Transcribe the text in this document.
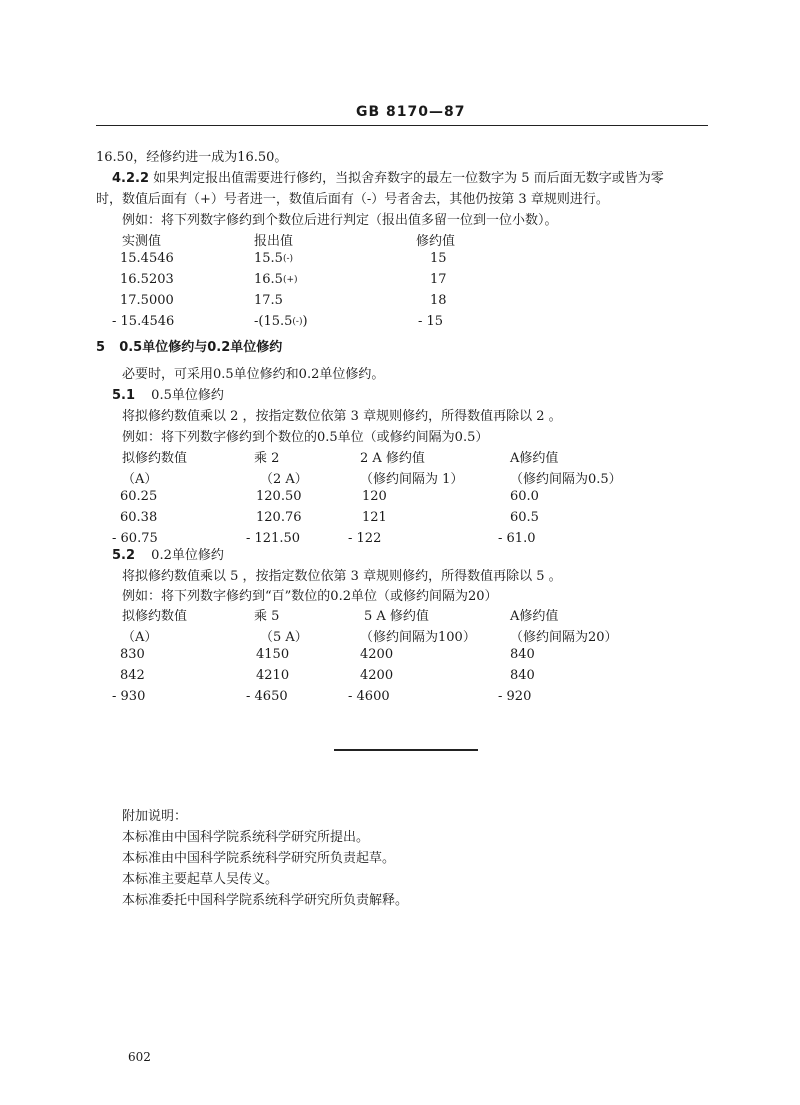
GB 8170—87
16.50，经修约进一成为16.50。
4.2.2 如果判定报出值需要进行修约，当拟舍弃数字的最左一位数字为 5 而后面无数字或皆为零
时，数值后面有（+）号者进一，数值后面有（-）号者舍去，其他仍按第 3 章规则进行。
例如：将下列数字修约到个数位后进行判定（报出值多留一位到一位小数）。
实测值	报出值	修约值
15.4546	15.5(-)	15
16.5203	16.5(+)	17
17.5000	17.5	18
- 15.4546	-(15.5(-))	- 15
5 0.5单位修约与0.2单位修约
必要时，可采用0.5单位修约和0.2单位修约。
5.1 0.5单位修约
将拟修约数值乘以 2 ，按指定数位依第 3 章规则修约，所得数值再除以 2 。
例如：将下列数字修约到个数位的0.5单位（或修约间隔为0.5）
拟修约数值	乘 2	2 A 修约值	A修约值
（A）	（2 A）	（修约间隔为 1）	（修约间隔为0.5）
60.25	120.50	120	60.0
60.38	120.76	121	60.5
- 60.75	- 121.50	- 122	- 61.0
5.2 0.2单位修约
将拟修约数值乘以 5 ，按指定数位依第 3 章规则修约，所得数值再除以 5 。
例如：将下列数字修约到“百”数位的0.2单位（或修约间隔为20）
拟修约数值	乘 5	5 A 修约值	A修约值
（A）	（5 A）	（修约间隔为100）	（修约间隔为20）
830	4150	4200	840
842	4210	4200	840
- 930	- 4650	- 4600	- 920
附加说明：
本标准由中国科学院系统科学研究所提出。
本标准由中国科学院系统科学研究所负责起草。
本标准主要起草人吴传义。
本标准委托中国科学院系统科学研究所负责解释。
602
